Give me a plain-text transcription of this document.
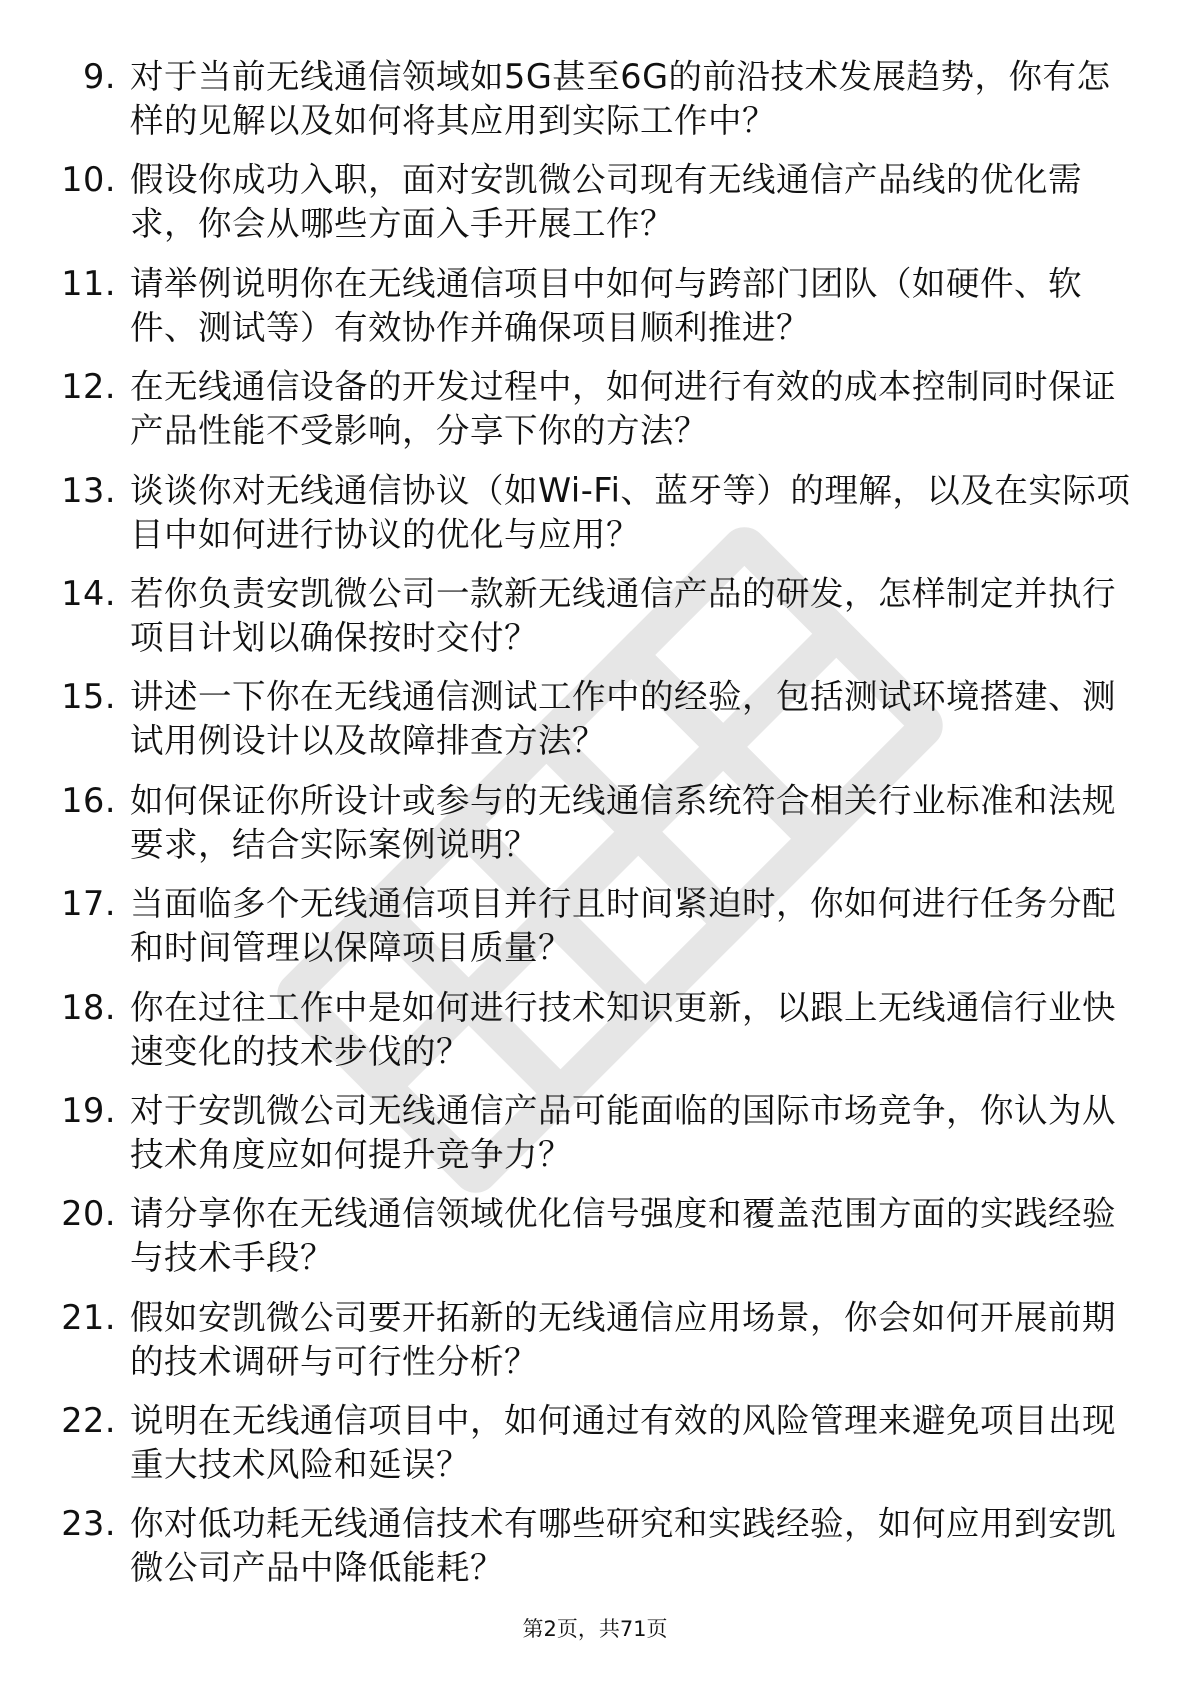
9. 对于当前无线通信领域如5G甚至6G的前沿技术发展趋势，你有怎样的见解以及如何将其应用到实际工作中？
10. 假设你成功入职，面对安凯微公司现有无线通信产品线的优化需求，你会从哪些方面入手开展工作？
11. 请举例说明你在无线通信项目中如何与跨部门团队（如硬件、软件、测试等）有效协作并确保项目顺利推进？
12. 在无线通信设备的开发过程中，如何进行有效的成本控制同时保证产品性能不受影响，分享下你的方法？
13. 谈谈你对无线通信协议（如Wi-Fi、蓝牙等）的理解，以及在实际项目中如何进行协议的优化与应用？
14. 若你负责安凯微公司一款新无线通信产品的研发，怎样制定并执行项目计划以确保按时交付？
15. 讲述一下你在无线通信测试工作中的经验，包括测试环境搭建、测试用例设计以及故障排查方法？
16. 如何保证你所设计或参与的无线通信系统符合相关行业标准和法规要求，结合实际案例说明？
17. 当面临多个无线通信项目并行且时间紧迫时，你如何进行任务分配和时间管理以保障项目质量？
18. 你在过往工作中是如何进行技术知识更新，以跟上无线通信行业快速变化的技术步伐的？
19. 对于安凯微公司无线通信产品可能面临的国际市场竞争，你认为从技术角度应如何提升竞争力？
20. 请分享你在无线通信领域优化信号强度和覆盖范围方面的实践经验与技术手段？
21. 假如安凯微公司要开拓新的无线通信应用场景，你会如何开展前期的技术调研与可行性分析？
22. 说明在无线通信项目中，如何通过有效的风险管理来避免项目出现重大技术风险和延误？
23. 你对低功耗无线通信技术有哪些研究和实践经验，如何应用到安凯微公司产品中降低能耗？
第2页，共71页
